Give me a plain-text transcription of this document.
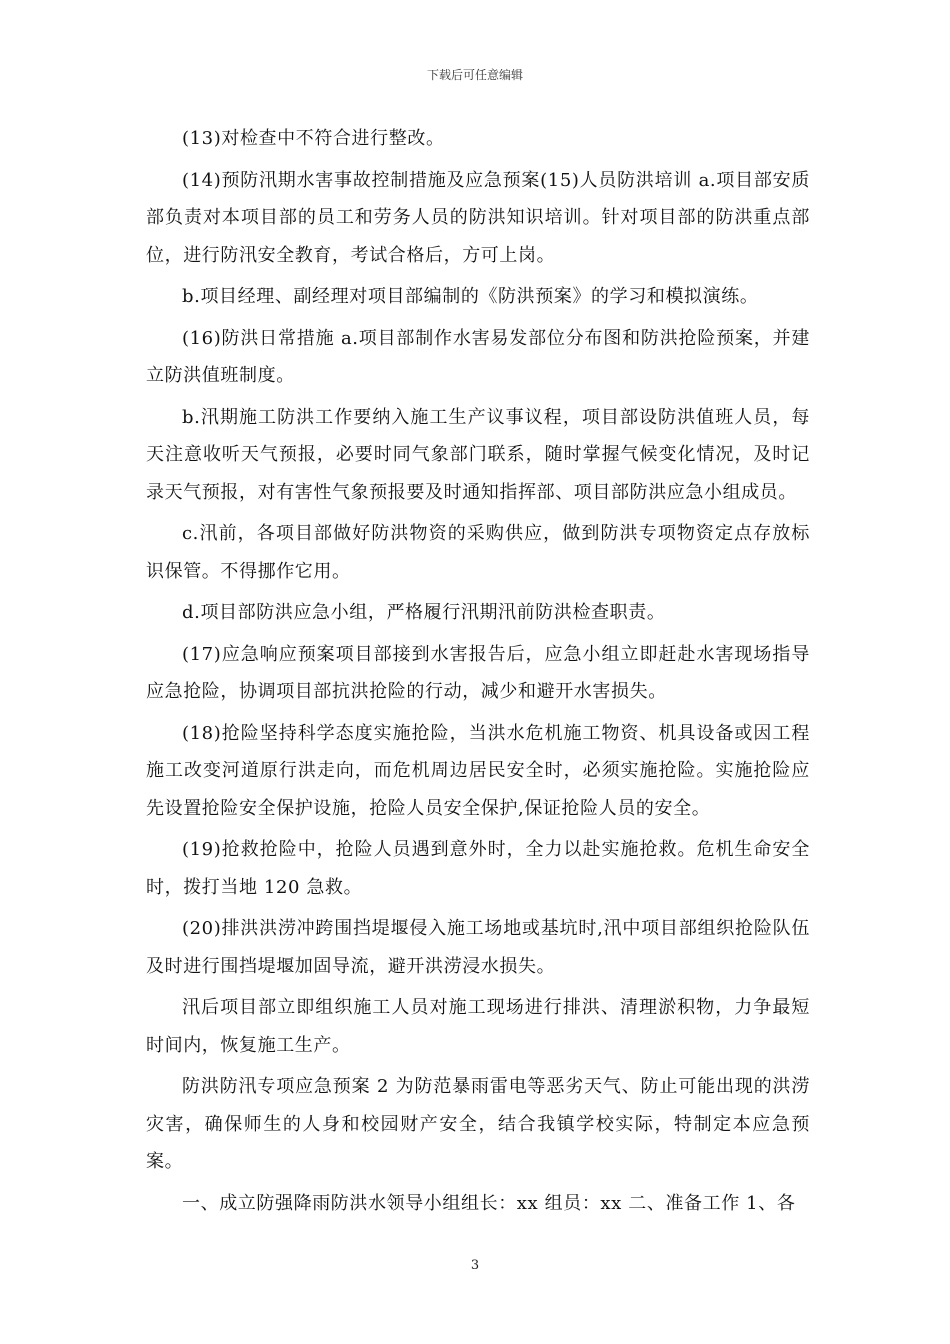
下载后可任意编辑

(13)对检查中不符合进行整改。

(14)预防汛期水害事故控制措施及应急预案(15)人员防洪培训 a.项目部安质部负责对本项目部的员工和劳务人员的防洪知识培训。针对项目部的防洪重点部位，进行防汛安全教育，考试合格后，方可上岗。

b.项目经理、副经理对项目部编制的《防洪预案》的学习和模拟演练。

(16)防洪日常措施 a.项目部制作水害易发部位分布图和防洪抢险预案，并建立防洪值班制度。

b.汛期施工防洪工作要纳入施工生产议事议程，项目部设防洪值班人员，每天注意收听天气预报，必要时同气象部门联系，随时掌握气候变化情况，及时记录天气预报，对有害性气象预报要及时通知指挥部、项目部防洪应急小组成员。

c.汛前，各项目部做好防洪物资的采购供应，做到防洪专项物资定点存放标识保管。不得挪作它用。

d.项目部防洪应急小组，严格履行汛期汛前防洪检查职责。

(17)应急响应预案项目部接到水害报告后，应急小组立即赶赴水害现场指导应急抢险，协调项目部抗洪抢险的行动，减少和避开水害损失。

(18)抢险坚持科学态度实施抢险，当洪水危机施工物资、机具设备或因工程施工改变河道原行洪走向，而危机周边居民安全时，必须实施抢险。实施抢险应先设置抢险安全保护设施，抢险人员安全保护,保证抢险人员的安全。

(19)抢救抢险中，抢险人员遇到意外时，全力以赴实施抢救。危机生命安全时，拨打当地 120 急救。

(20)排洪洪涝冲跨围挡堤堰侵入施工场地或基坑时,汛中项目部组织抢险队伍及时进行围挡堤堰加固导流，避开洪涝浸水损失。

汛后项目部立即组织施工人员对施工现场进行排洪、清理淤积物，力争最短时间内，恢复施工生产。

防洪防汛专项应急预案 2 为防范暴雨雷电等恶劣天气、防止可能出现的洪涝灾害，确保师生的人身和校园财产安全，结合我镇学校实际，特制定本应急预案。

一、成立防强降雨防洪水领导小组组长：xx 组员：xx 二、准备工作 1、各

3
